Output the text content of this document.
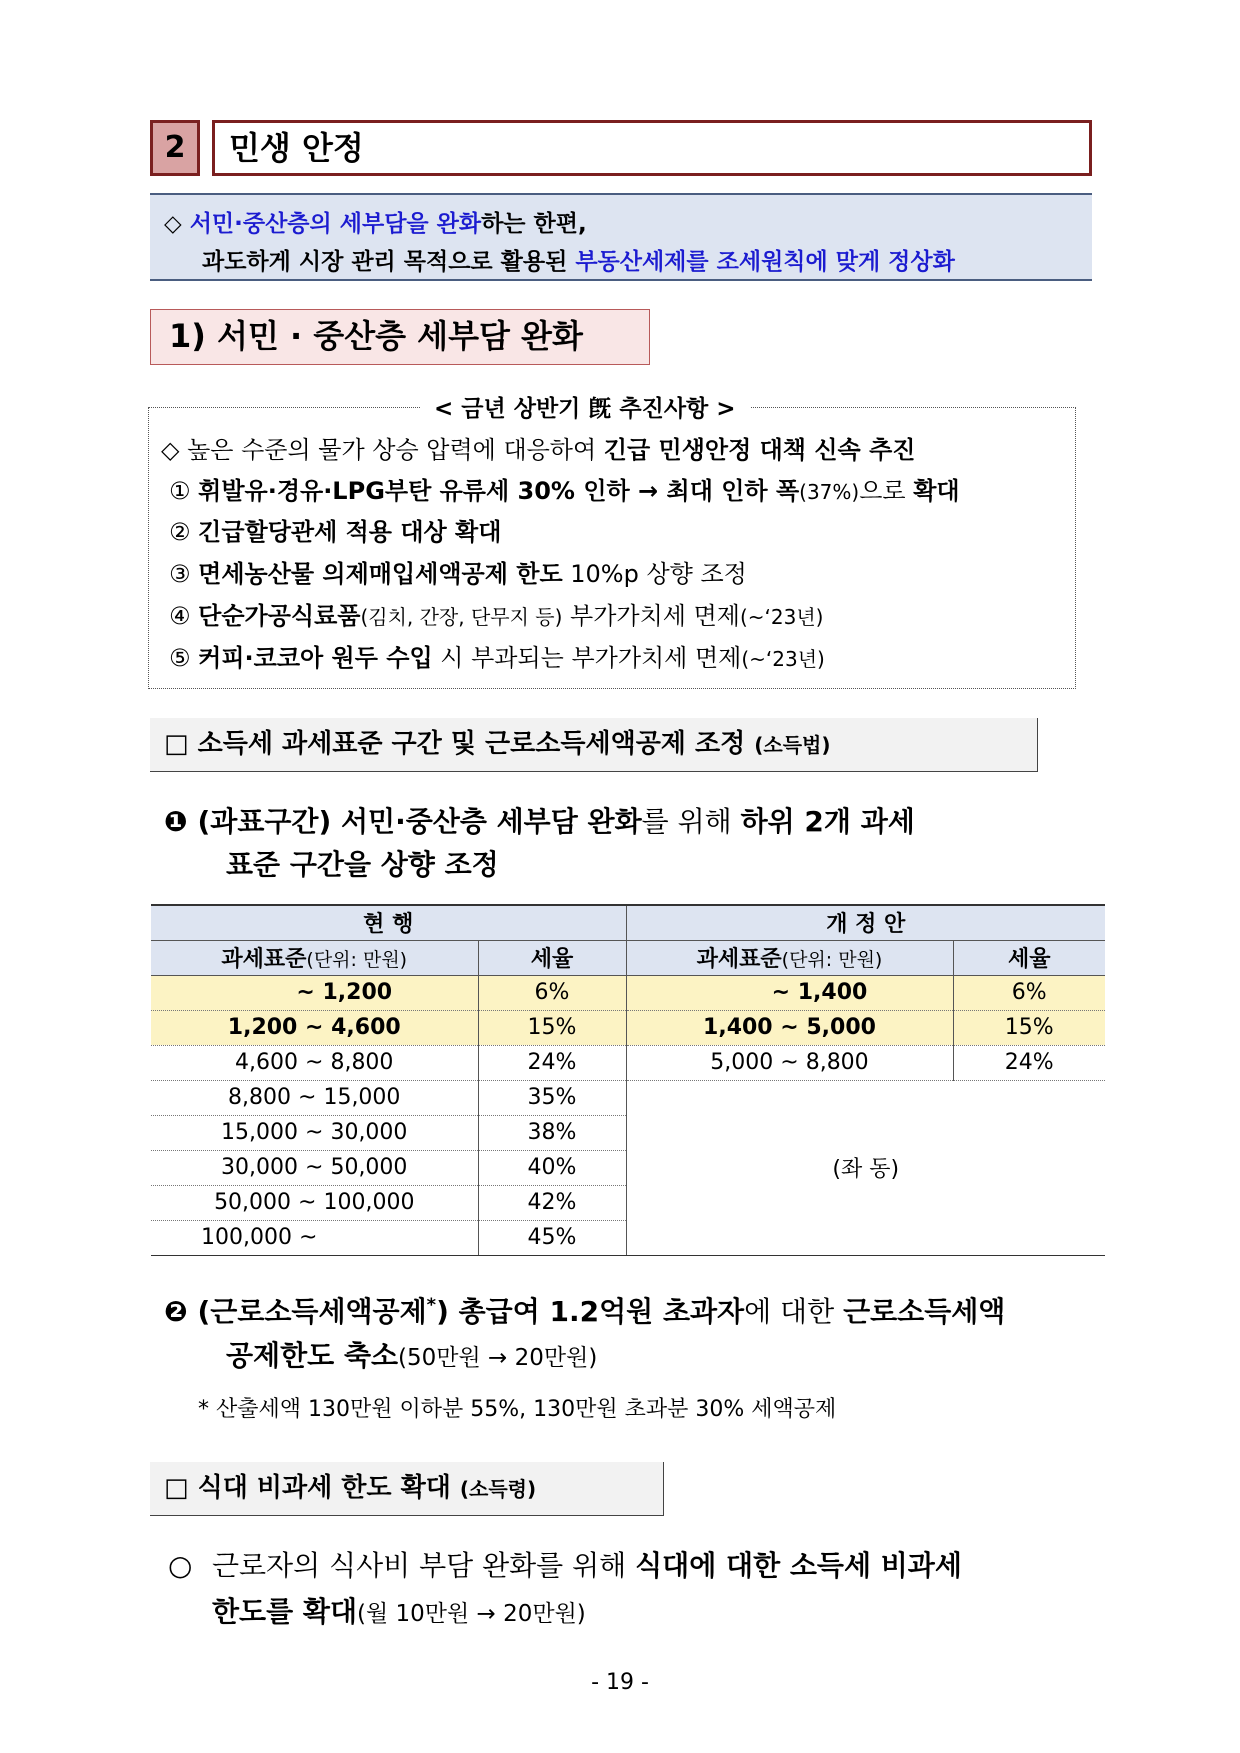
2	민생 안정
◇ 서민·중산층의 세부담을 완화하는 한편,
과도하게 시장 관리 목적으로 활용된 부동산세제를 조세원칙에 맞게 정상화
1) 서민 · 중산층 세부담 완화
◇ 높은 수준의 물가 상승 압력에 대응하여 긴급 민생안정 대책 신속 추진
① 휘발유·경유·LPG부탄 유류세 30% 인하 → 최대 인하 폭(37%)으로 확대
② 긴급할당관세 적용 대상 확대
③ 면세농산물 의제매입세액공제 한도 10%p 상향 조정
④ 단순가공식료품(김치, 간장, 단무지 등) 부가가치세 면제(~‘23년)
⑤ 커피·코코아 원두 수입 시 부과되는 부가가치세 면제(~‘23년)
< 금년 상반기 旣 추진사항 >
□ 소득세 과세표준 구간 및 근로소득세액공제 조정 (소득법)
❶ (과표구간) 서민·중산층 세부담 완화를 위해 하위 2개 과세
표준 구간을 상향 조정
현 행		개 정 안	
과세표준(단위: 만원)	세율	과세표준(단위: 만원)	세율
~ 1,200	6%	~ 1,400	6%
1,200 ~ 4,600	15%	1,400 ~ 5,000	15%
4,600 ~ 8,800	24%	5,000 ~ 8,800	24%
8,800 ~ 15,000	35%	(좌 동)	
15,000 ~ 30,000	38%		
30,000 ~ 50,000	40%		
50,000 ~ 100,000	42%		
100,000 ~	45%		
❷ (근로소득세액공제*) 총급여 1.2억원 초과자에 대한 근로소득세액
공제한도 축소(50만원 → 20만원)
* 산출세액 130만원 이하분 55%, 130만원 초과분 30% 세액공제
□ 식대 비과세 한도 확대 (소득령)
○ 근로자의 식사비 부담 완화를 위해 식대에 대한 소득세 비과세
한도를 확대(월 10만원 → 20만원)
- 19 -
